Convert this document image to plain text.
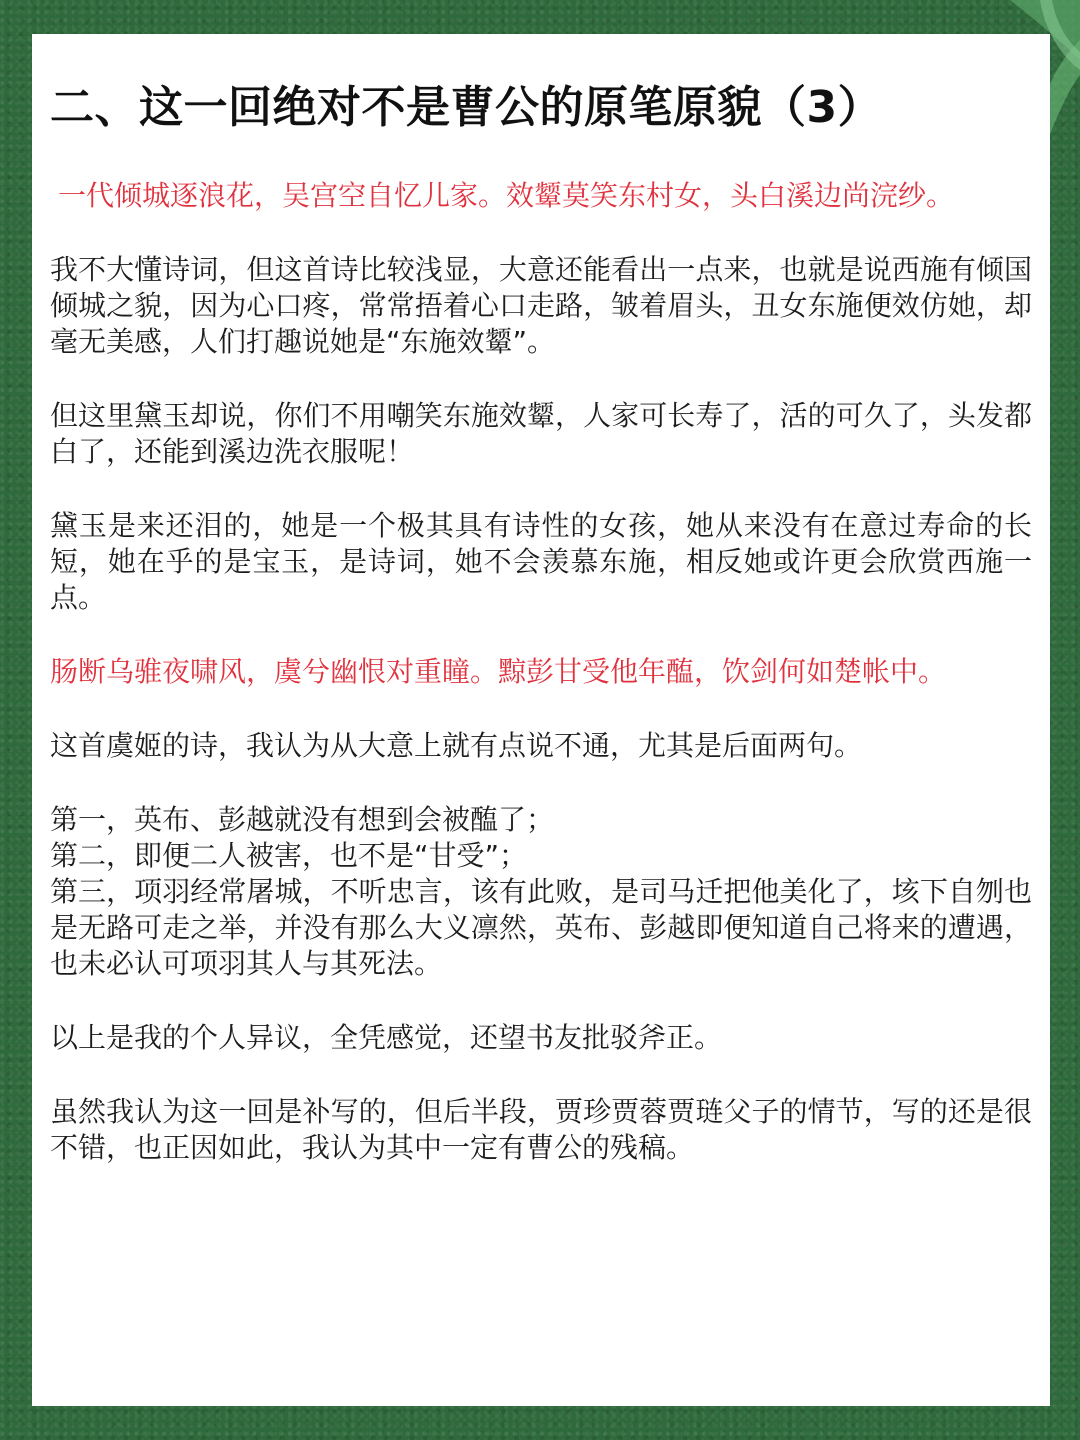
二、这一回绝对不是曹公的原笔原貌（3）

一代倾城逐浪花，吴宫空自忆儿家。效颦莫笑东村女，头白溪边尚浣纱。

我不大懂诗词，但这首诗比较浅显，大意还能看出一点来，也就是说西施有倾国倾城之貌，因为心口疼，常常捂着心口走路，皱着眉头，丑女东施便效仿她，却毫无美感，人们打趣说她是“东施效颦”。

但这里黛玉却说，你们不用嘲笑东施效颦，人家可长寿了，活的可久了，头发都白了，还能到溪边洗衣服呢！

黛玉是来还泪的，她是一个极其具有诗性的女孩，她从来没有在意过寿命的长短，她在乎的是宝玉，是诗词，她不会羡慕东施，相反她或许更会欣赏西施一点。

肠断乌骓夜啸风，虞兮幽恨对重瞳。黥彭甘受他年醢，饮剑何如楚帐中。

这首虞姬的诗，我认为从大意上就有点说不通，尤其是后面两句。

第一，英布、彭越就没有想到会被醢了；
第二，即便二人被害，也不是“甘受”；
第三，项羽经常屠城，不听忠言，该有此败，是司马迁把他美化了，垓下自刎也是无路可走之举，并没有那么大义凛然，英布、彭越即便知道自己将来的遭遇，也未必认可项羽其人与其死法。

以上是我的个人异议，全凭感觉，还望书友批驳斧正。

虽然我认为这一回是补写的，但后半段，贾珍贾蓉贾琏父子的情节，写的还是很不错，也正因如此，我认为其中一定有曹公的残稿。
